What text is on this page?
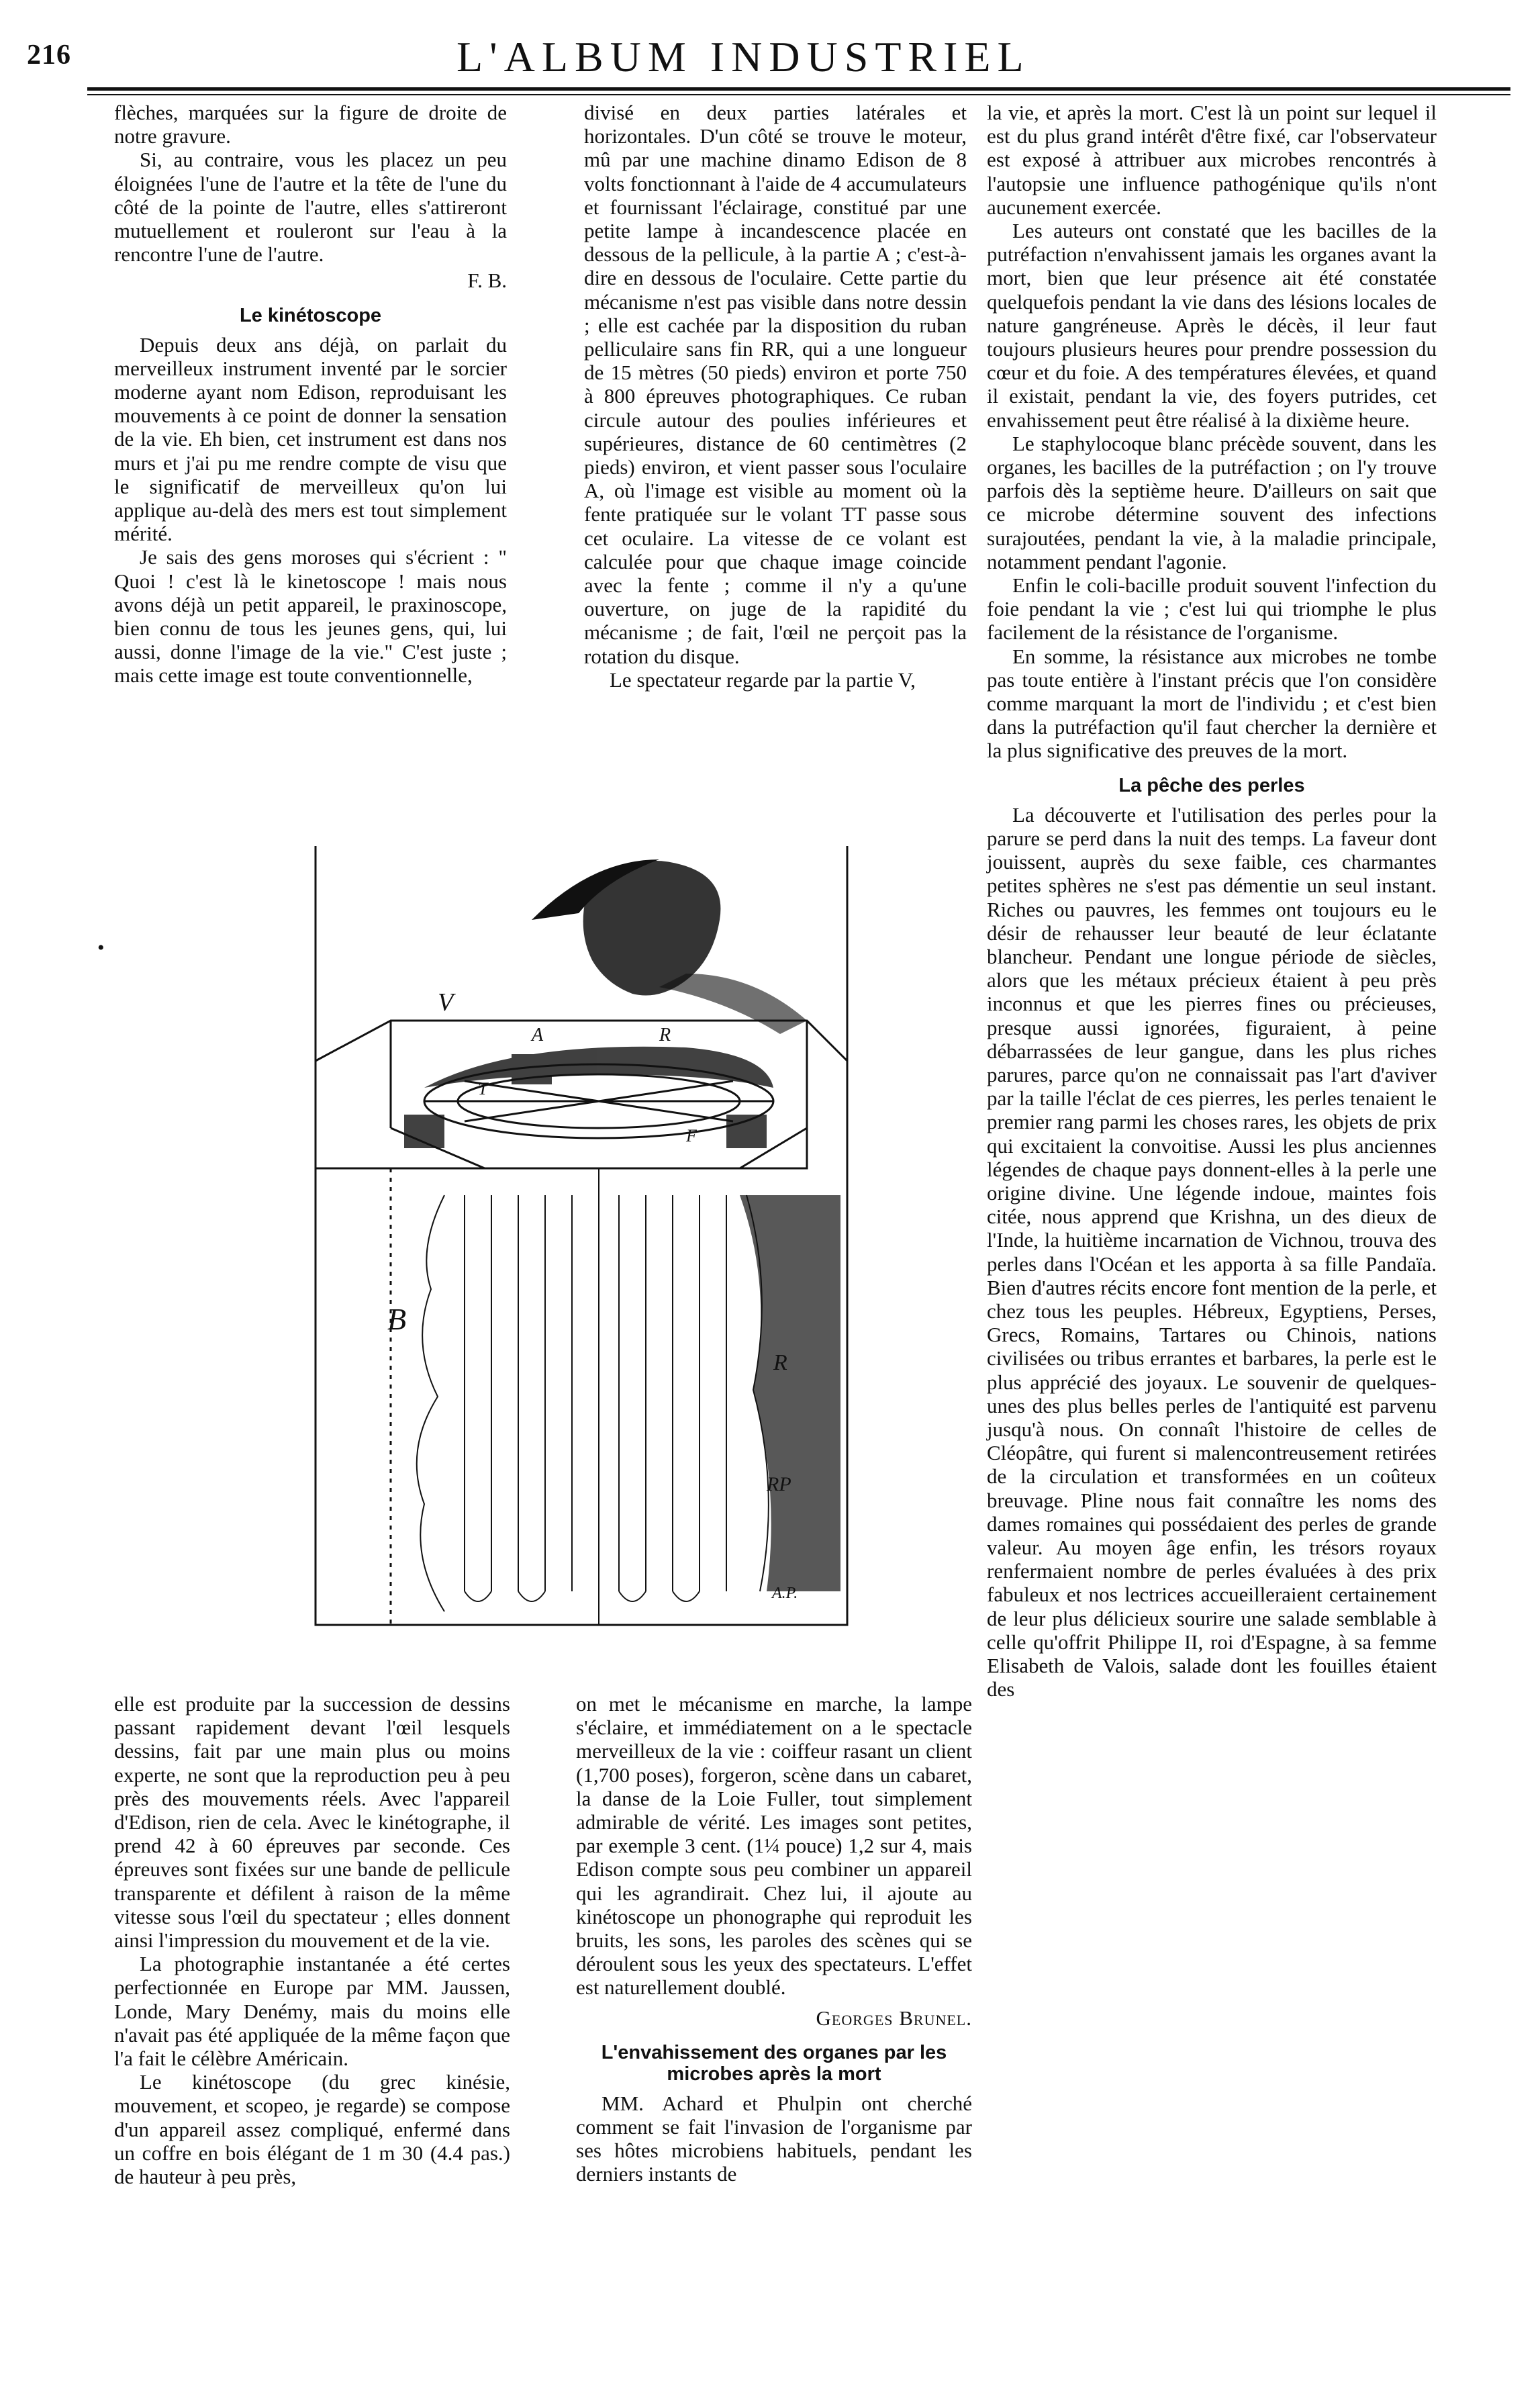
216	L'ALBUM INDUSTRIEL

flèches, marquées sur la figure de droite de notre gravure.

Si, au contraire, vous les placez un peu éloignées l'une de l'autre et la tête de l'une du côté de la pointe de l'autre, elles s'attireront mutuellement et rouleront sur l'eau à la rencontre l'une de l'autre.

F. B.

Le kinétoscope

Depuis deux ans déjà, on parlait du merveilleux instrument inventé par le sorcier moderne ayant nom Edison, reproduisant les mouvements à ce point de donner la sensation de la vie. Eh bien, cet instrument est dans nos murs et j'ai pu me rendre compte de visu que le significatif de merveilleux qu'on lui applique au-delà des mers est tout simplement mérité.

Je sais des gens moroses qui s'écrient : " Quoi ! c'est là le kinetoscope ! mais nous avons déjà un petit appareil, le praxinoscope, bien connu de tous les jeunes gens, qui, lui aussi, donne l'image de la vie." C'est juste ; mais cette image est toute conventionnelle,

•

divisé en deux parties latérales et horizontales. D'un côté se trouve le moteur, mû par une machine dinamo Edison de 8 volts fonctionnant à l'aide de 4 accumulateurs et fournissant l'éclairage, constitué par une petite lampe à incandescence placée en dessous de la pellicule, à la partie A ; c'est-à-dire en dessous de l'oculaire. Cette partie du mécanisme n'est pas visible dans notre dessin ; elle est cachée par la disposition du ruban pelliculaire sans fin RR, qui a une longueur de 15 mètres (50 pieds) environ et porte 750 à 800 épreuves photographiques. Ce ruban circule autour des poulies inférieures et supérieures, distance de 60 centimètres (2 pieds) environ, et vient passer sous l'oculaire A, où l'image est visible au moment où la fente pratiquée sur le volant TT passe sous cet oculaire. La vitesse de ce volant est calculée pour que chaque image coincide avec la fente ; comme il n'y a qu'une ouverture, on juge de la rapidité du mécanisme ; de fait, l'œil ne perçoit pas la rotation du disque.

Le spectateur regarde par la partie V,

la vie, et après la mort. C'est là un point sur lequel il est du plus grand intérêt d'être fixé, car l'observateur est exposé à attribuer aux microbes rencontrés à l'autopsie une influence pathogénique qu'ils n'ont aucunement exercée.

Les auteurs ont constaté que les bacilles de la putréfaction n'envahissent jamais les organes avant la mort, bien que leur présence ait été constatée quelquefois pendant la vie dans des lésions locales de nature gangréneuse. Après le décès, il leur faut toujours plusieurs heures pour prendre possession du cœur et du foie. A des températures élevées, et quand il existait, pendant la vie, des foyers putrides, cet envahissement peut être réalisé à la dixième heure.

Le staphylocoque blanc précède souvent, dans les organes, les bacilles de la putréfaction ; on l'y trouve parfois dès la septième heure. D'ailleurs on sait que ce microbe détermine souvent des infections surajoutées, pendant la vie, à la maladie principale, notamment pendant l'agonie.

Enfin le coli-bacille produit souvent l'infection du foie pendant la vie ; c'est lui qui triomphe le plus facilement de la résistance de l'organisme.

En somme, la résistance aux microbes ne tombe pas toute entière à l'instant précis que l'on considère comme marquant la mort de l'individu ; et c'est bien dans la putréfaction qu'il faut chercher la dernière et la plus significative des preuves de la mort.

La pêche des perles

La découverte et l'utilisation des perles pour la parure se perd dans la nuit des temps. La faveur dont jouissent, auprès du sexe faible, ces charmantes petites sphères ne s'est pas démentie un seul instant. Riches ou pauvres, les femmes ont toujours eu le désir de rehausser leur beauté de leur éclatante blancheur. Pendant une longue période de siècles, alors que les métaux précieux étaient à peu près inconnus et que les pierres fines ou précieuses, presque aussi ignorées, figuraient, à peine débarrassées de leur gangue, dans les plus riches parures, parce qu'on ne connaissait pas l'art d'aviver par la taille l'éclat de ces pierres, les perles tenaient le premier rang parmi les choses rares, les objets de prix qui excitaient la convoitise. Aussi les plus anciennes légendes de chaque pays donnent-elles à la perle une origine divine. Une légende indoue, maintes fois citée, nous apprend que Krishna, un des dieux de l'Inde, la huitième incarnation de Vichnou, trouva des perles dans l'Océan et les apporta à sa fille Pandaïa. Bien d'autres récits encore font mention de la perle, et chez tous les peuples. Hébreux, Egyptiens, Perses, Grecs, Romains, Tartares ou Chinois, nations civilisées ou tribus errantes et barbares, la perle est le plus apprécié des joyaux. Le souvenir de quelques-unes des plus belles perles de l'antiquité est parvenu jusqu'à nous. On connaît l'histoire de celles de Cléopâtre, qui furent si malencontreusement retirées de la circulation et transformées en un coûteux breuvage. Pline nous fait connaître les noms des dames romaines qui possédaient des perles de grande valeur. Au moyen âge enfin, les trésors royaux renfermaient nombre de perles évaluées à des prix fabuleux et nos lectrices accueilleraient certainement de leur plus délicieux sourire une salade semblable à celle qu'offrit Philippe II, roi d'Espagne, à sa femme Elisabeth de Valois, salade dont les fouilles étaient des

V
A	R
T
F
B
R
RP
A.P.

elle est produite par la succession de dessins passant rapidement devant l'œil lesquels dessins, fait par une main plus ou moins experte, ne sont que la reproduction peu à peu près des mouvements réels. Avec l'appareil d'Edison, rien de cela. Avec le kinétographe, il prend 42 à 60 épreuves par seconde. Ces épreuves sont fixées sur une bande de pellicule transparente et défilent à raison de la même vitesse sous l'œil du spectateur ; elles donnent ainsi l'impression du mouvement et de la vie.

La photographie instantanée a été certes perfectionnée en Europe par MM. Jaussen, Londe, Mary Denémy, mais du moins elle n'avait pas été appliquée de la même façon que l'a fait le célèbre Américain.

Le kinétoscope (du grec kinésie, mouvement, et scopeo, je regarde) se compose d'un appareil assez compliqué, enfermé dans un coffre en bois élégant de 1 m 30 (4.4 pas.) de hauteur à peu près,

on met le mécanisme en marche, la lampe s'éclaire, et immédiatement on a le spectacle merveilleux de la vie : coiffeur rasant un client (1,700 poses), forgeron, scène dans un cabaret, la danse de la Loie Fuller, tout simplement admirable de vérité. Les images sont petites, par exemple 3 cent. (1¼ pouce) 1,2 sur 4, mais Edison compte sous peu combiner un appareil qui les agrandirait. Chez lui, il ajoute au kinétoscope un phonographe qui reproduit les bruits, les sons, les paroles des scènes qui se déroulent sous les yeux des spectateurs. L'effet est naturellement doublé.

Georges Brunel.

L'envahissement des organes par les microbes après la mort

MM. Achard et Phulpin ont cherché comment se fait l'invasion de l'organisme par ses hôtes microbiens habituels, pendant les derniers instants de
